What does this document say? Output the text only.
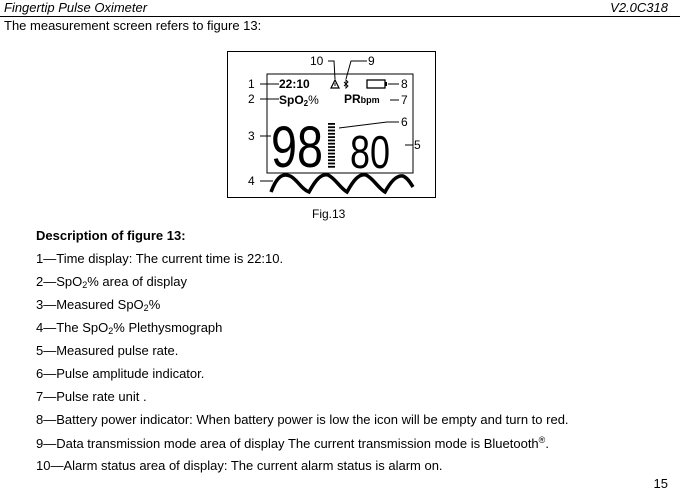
Fingertip Pulse Oximeter	V2.0C318
The measurement screen refers to figure 13:
22:10
SpO2% PRbpm
98 80
1
2
3
4
5
6
7
8
9
10
Fig.13
Description of figure 13:
1—Time display: The current time is 22:10.
2—SpO$_2$% area of display
3—Measured SpO$_2$%
4—The SpO$_2$% Plethysmograph
5—Measured pulse rate.
6—Pulse amplitude indicator.
7—Pulse rate unit .
8—Battery power indicator: When battery power is low the icon will be empty and turn to red.
9—Data transmission mode area of display The current transmission mode is Bluetooth®.
10—Alarm status area of display: The current alarm status is alarm on.
15
